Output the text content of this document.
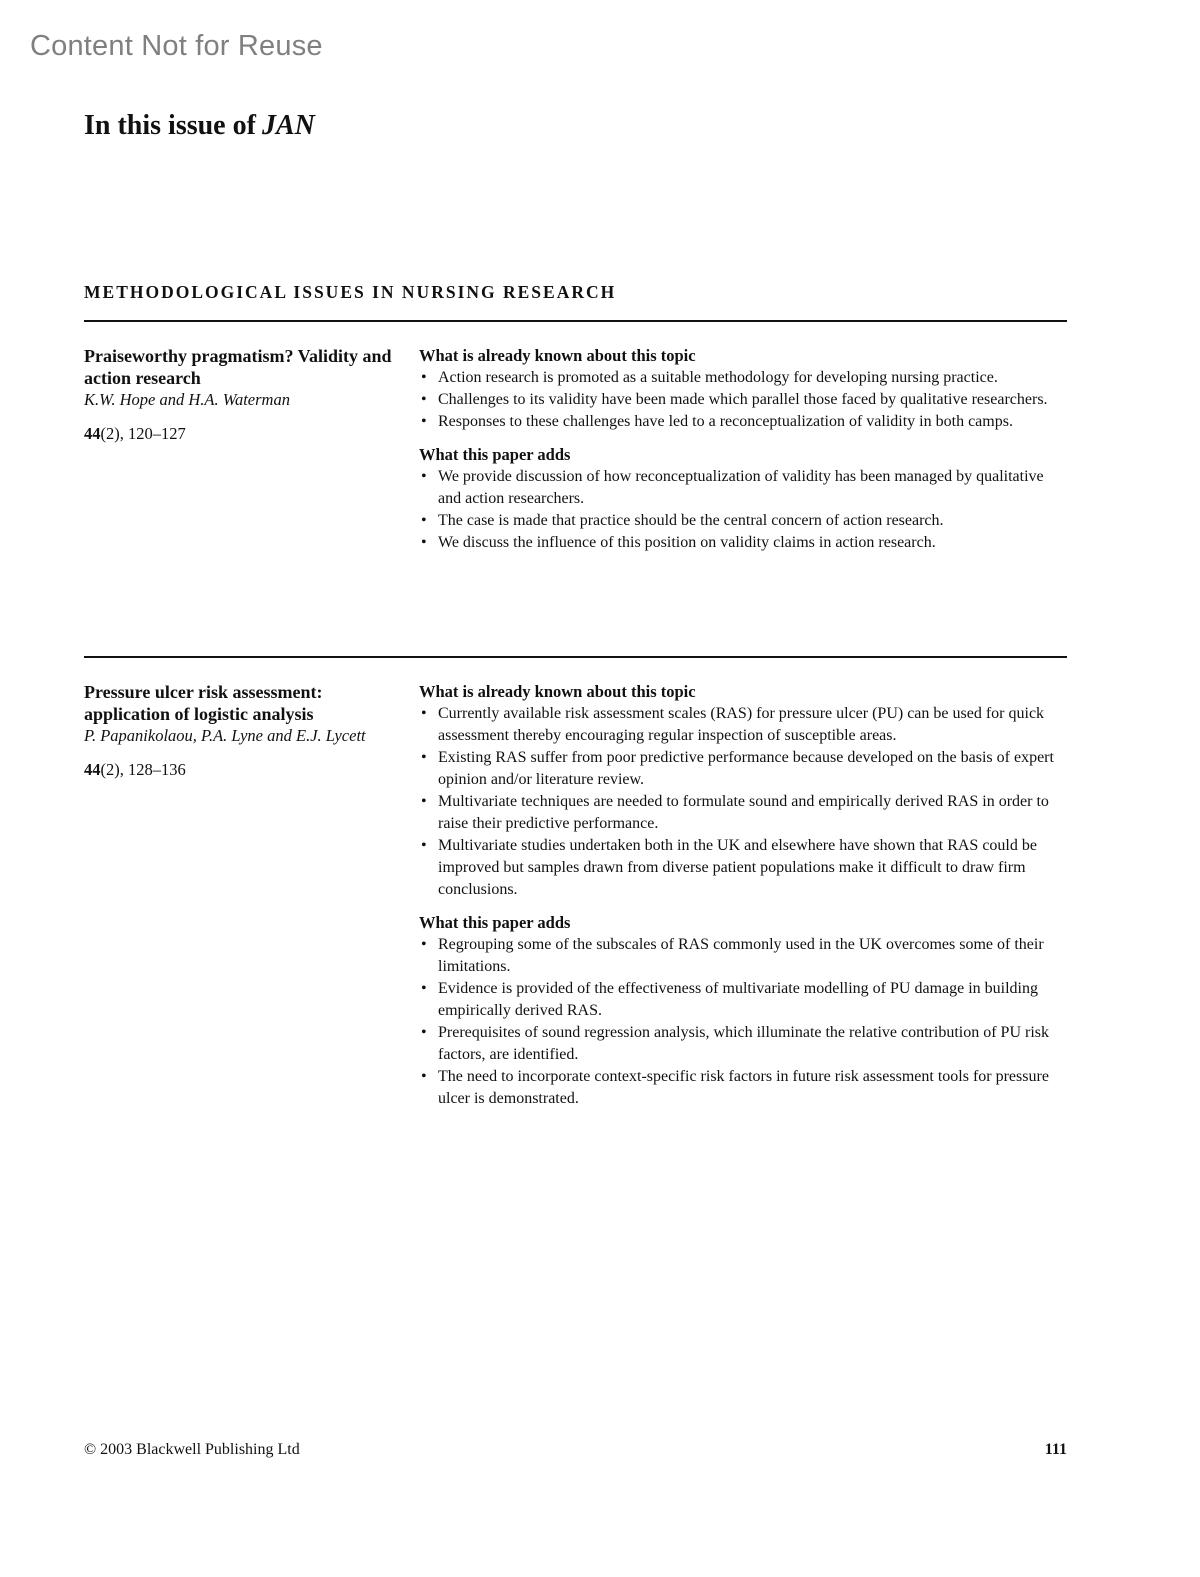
Content Not for Reuse
In this issue of JAN
METHODOLOGICAL ISSUES IN NURSING RESEARCH
Praiseworthy pragmatism? Validity and action research
K.W. Hope and H.A. Waterman
44(2), 120–127
What is already known about this topic
• Action research is promoted as a suitable methodology for developing nursing practice.
• Challenges to its validity have been made which parallel those faced by qualitative researchers.
• Responses to these challenges have led to a reconceptualization of validity in both camps.
What this paper adds
• We provide discussion of how reconceptualization of validity has been managed by qualitative and action researchers.
• The case is made that practice should be the central concern of action research.
• We discuss the influence of this position on validity claims in action research.
Pressure ulcer risk assessment: application of logistic analysis
P. Papanikolaou, P.A. Lyne and E.J. Lycett
44(2), 128–136
What is already known about this topic
• Currently available risk assessment scales (RAS) for pressure ulcer (PU) can be used for quick assessment thereby encouraging regular inspection of susceptible areas.
• Existing RAS suffer from poor predictive performance because developed on the basis of expert opinion and/or literature review.
• Multivariate techniques are needed to formulate sound and empirically derived RAS in order to raise their predictive performance.
• Multivariate studies undertaken both in the UK and elsewhere have shown that RAS could be improved but samples drawn from diverse patient populations make it difficult to draw firm conclusions.
What this paper adds
• Regrouping some of the subscales of RAS commonly used in the UK overcomes some of their limitations.
• Evidence is provided of the effectiveness of multivariate modelling of PU damage in building empirically derived RAS.
• Prerequisites of sound regression analysis, which illuminate the relative contribution of PU risk factors, are identified.
• The need to incorporate context-specific risk factors in future risk assessment tools for pressure ulcer is demonstrated.
© 2003 Blackwell Publishing Ltd	111
